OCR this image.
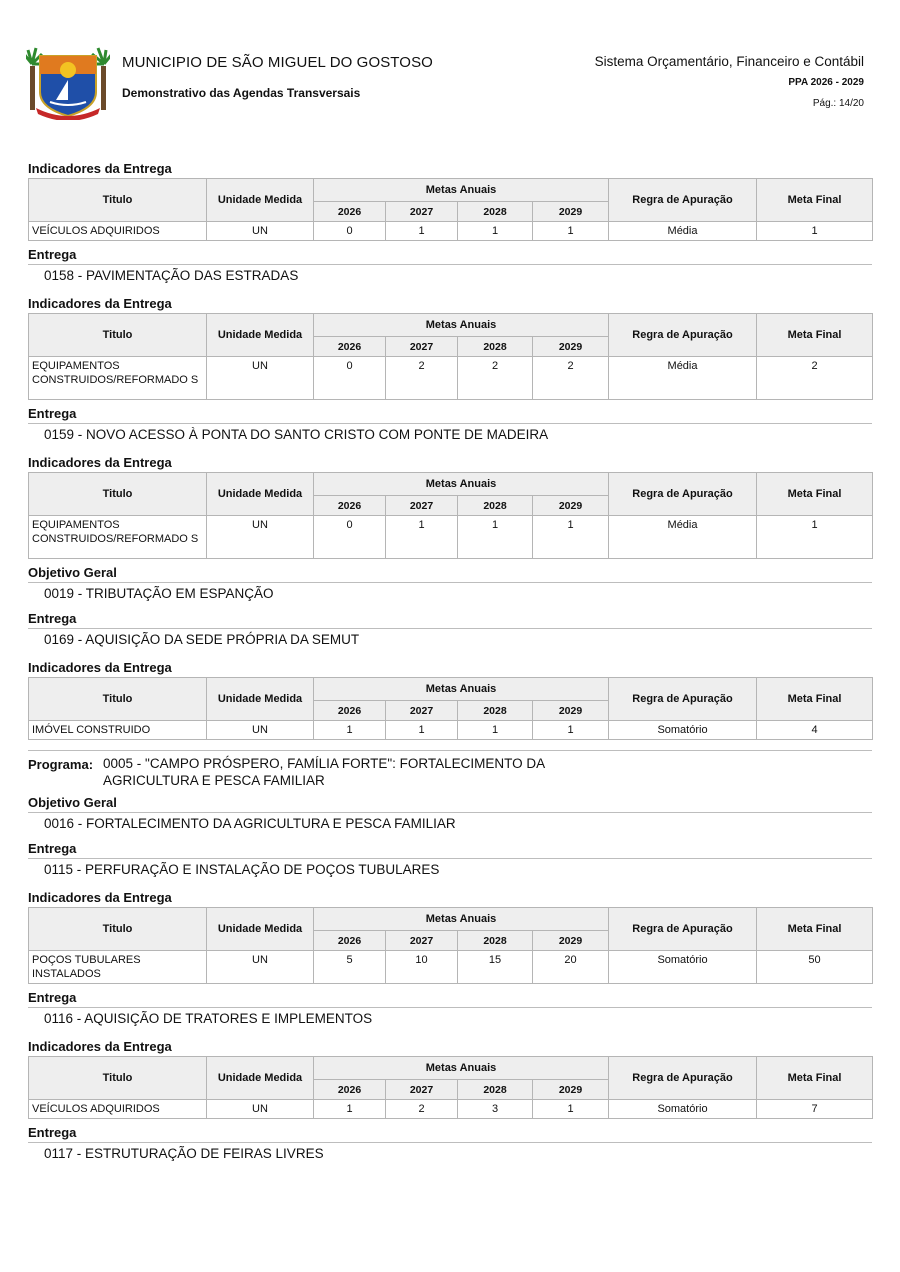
MUNICIPIO DE SÃO MIGUEL DO GOSTOSO
Demonstrativo das Agendas Transversais
Sistema Orçamentário, Financeiro e Contábil
PPA 2026 - 2029
Pág.: 14/20
Indicadores da Entrega
Titulo	Unidade Medida	Metas Anuais				Regra de Apuração	Meta Final
		2026	2027	2028	2029		
VEÍCULOS ADQUIRIDOS	UN	0	1	1	1	Média	1
Entrega
0158 - PAVIMENTAÇÃO DAS ESTRADAS
Indicadores da Entrega
Titulo	Unidade Medida	Metas Anuais				Regra de Apuração	Meta Final
		2026	2027	2028	2029		
EQUIPAMENTOS CONSTRUIDOS/REFORMADO S	UN	0	2	2	2	Média	2
Entrega
0159 - NOVO ACESSO À PONTA DO SANTO CRISTO COM PONTE DE MADEIRA
Indicadores da Entrega
Titulo	Unidade Medida	Metas Anuais				Regra de Apuração	Meta Final
		2026	2027	2028	2029		
EQUIPAMENTOS CONSTRUIDOS/REFORMADO S	UN	0	1	1	1	Média	1
Objetivo Geral
0019 - TRIBUTAÇÃO EM ESPANÇÃO
Entrega
0169 - AQUISIÇÃO DA SEDE PRÓPRIA DA SEMUT
Indicadores da Entrega
Titulo	Unidade Medida	Metas Anuais				Regra de Apuração	Meta Final
		2026	2027	2028	2029		
IMÓVEL CONSTRUIDO	UN	1	1	1	1	Somatório	4
Programa: 0005 - "CAMPO PRÓSPERO, FAMÍLIA FORTE": FORTALECIMENTO DA AGRICULTURA E PESCA FAMILIAR
Objetivo Geral
0016 - FORTALECIMENTO DA AGRICULTURA E PESCA FAMILIAR
Entrega
0115 - PERFURAÇÃO E INSTALAÇÃO DE POÇOS TUBULARES
Indicadores da Entrega
Titulo	Unidade Medida	Metas Anuais				Regra de Apuração	Meta Final
		2026	2027	2028	2029		
POÇOS TUBULARES INSTALADOS	UN	5	10	15	20	Somatório	50
Entrega
0116 - AQUISIÇÃO DE TRATORES E IMPLEMENTOS
Indicadores da Entrega
Titulo	Unidade Medida	Metas Anuais				Regra de Apuração	Meta Final
		2026	2027	2028	2029		
VEÍCULOS ADQUIRIDOS	UN	1	2	3	1	Somatório	7
Entrega
0117 - ESTRUTURAÇÃO DE FEIRAS LIVRES
